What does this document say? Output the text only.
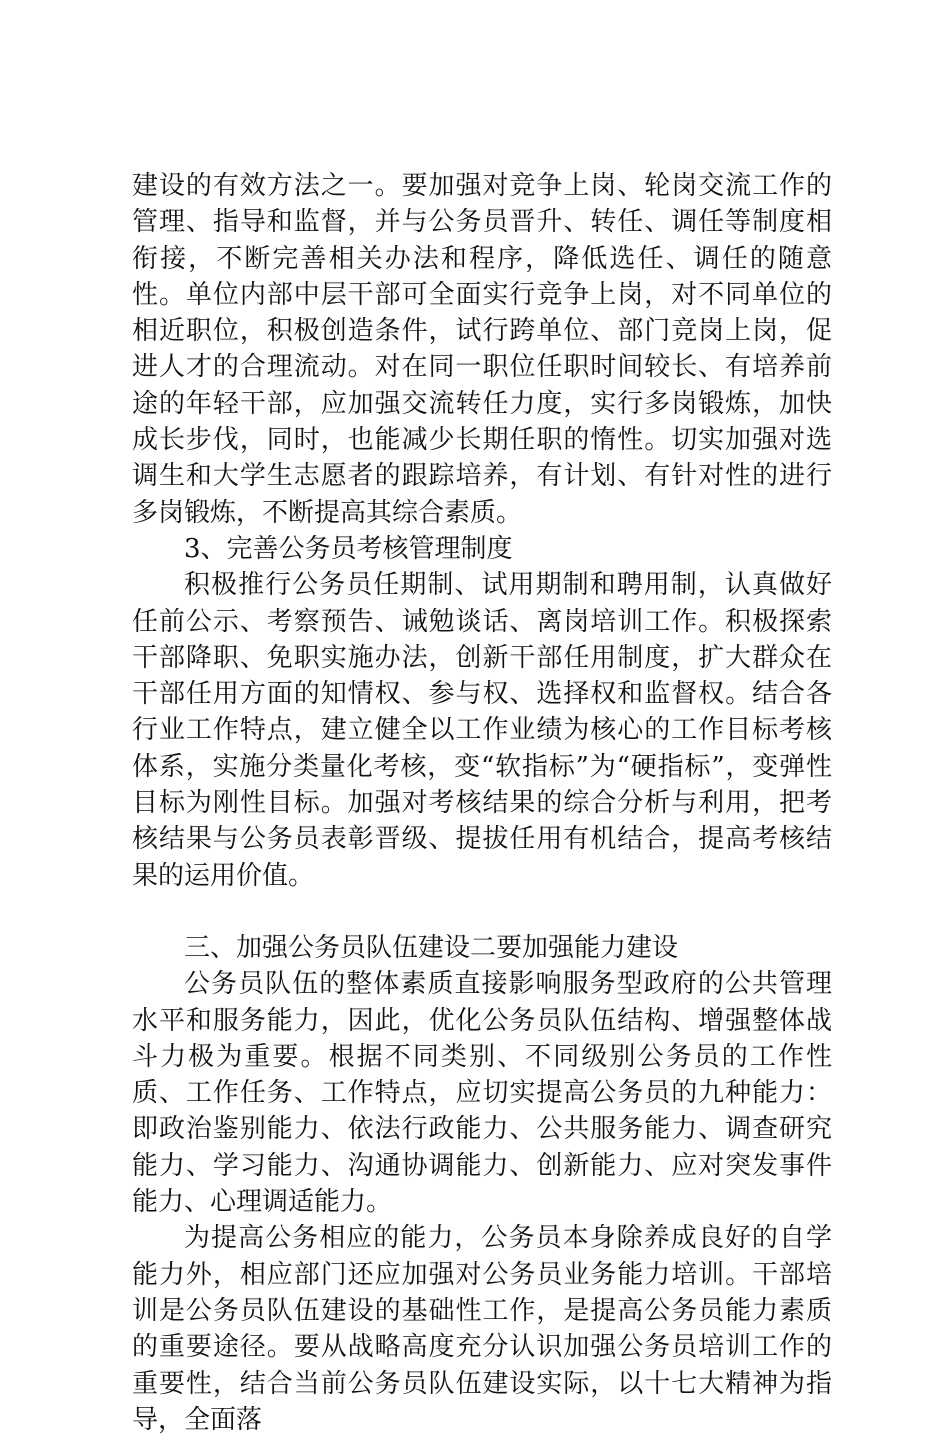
建设的有效方法之一。要加强对竞争上岗、轮岗交流工作的管理、指导和监督，并与公务员晋升、转任、调任等制度相衔接，不断完善相关办法和程序，降低选任、调任的随意性。单位内部中层干部可全面实行竞争上岗，对不同单位的相近职位，积极创造条件，试行跨单位、部门竞岗上岗，促进人才的合理流动。对在同一职位任职时间较长、有培养前途的年轻干部，应加强交流转任力度，实行多岗锻炼，加快成长步伐，同时，也能减少长期任职的惰性。切实加强对选调生和大学生志愿者的跟踪培养，有计划、有针对性的进行多岗锻炼，不断提高其综合素质。

3、完善公务员考核管理制度

积极推行公务员任期制、试用期制和聘用制，认真做好任前公示、考察预告、诫勉谈话、离岗培训工作。积极探索干部降职、免职实施办法，创新干部任用制度，扩大群众在干部任用方面的知情权、参与权、选择权和监督权。结合各行业工作特点，建立健全以工作业绩为核心的工作目标考核体系，实施分类量化考核，变“软指标”为“硬指标”，变弹性目标为刚性目标。加强对考核结果的综合分析与利用，把考核结果与公务员表彰晋级、提拔任用有机结合，提高考核结果的运用价值。

三、加强公务员队伍建设二要加强能力建设

公务员队伍的整体素质直接影响服务型政府的公共管理水平和服务能力，因此，优化公务员队伍结构、增强整体战斗力极为重要。根据不同类别、不同级别公务员的工作性质、工作任务、工作特点，应切实提高公务员的九种能力：即政治鉴别能力、依法行政能力、公共服务能力、调查研究能力、学习能力、沟通协调能力、创新能力、应对突发事件能力、心理调适能力。

为提高公务相应的能力，公务员本身除养成良好的自学能力外，相应部门还应加强对公务员业务能力培训。干部培训是公务员队伍建设的基础性工作，是提高公务员能力素质的重要途径。要从战略高度充分认识加强公务员培训工作的重要性，结合当前公务员队伍建设实际，以十七大精神为指导，全面落
